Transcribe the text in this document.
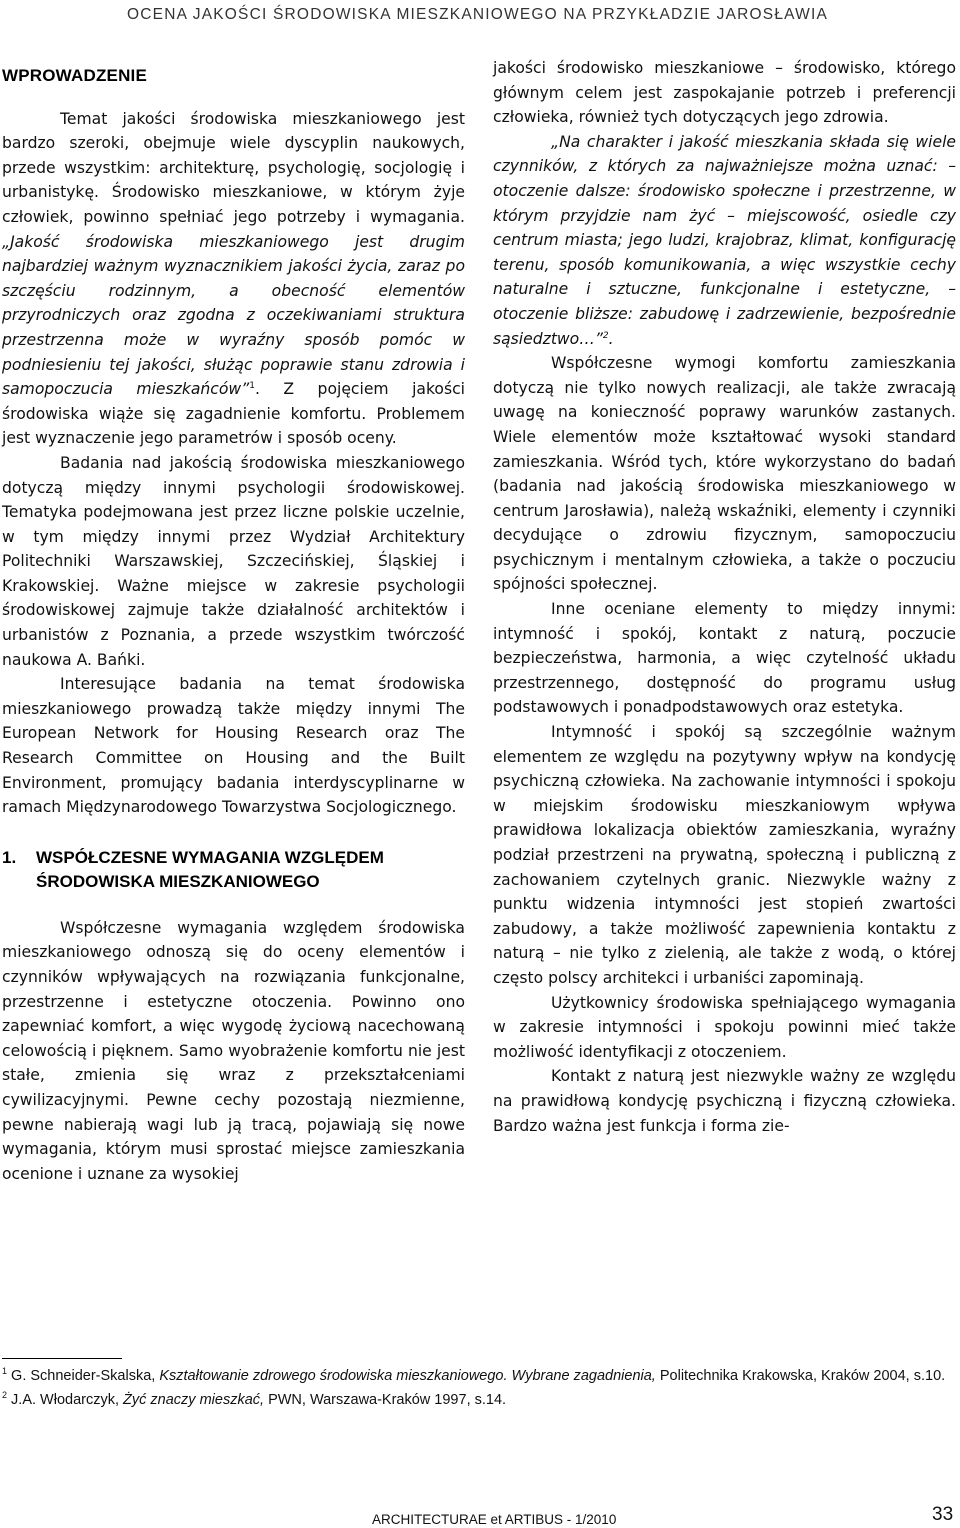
OCENA JAKOŚCI ŚRODOWISKA MIESZKANIOWEGO NA PRZYKŁADZIE JAROSŁAWIA
WPROWADZENIE

Temat jakości środowiska mieszkaniowego jest bardzo szeroki, obejmuje wiele dyscyplin naukowych, przede wszystkim: architekturę, psychologię, socjologię i urbanistykę. Środowisko mieszkaniowe, w którym żyje człowiek, powinno spełniać jego potrzeby i wymagania. „Jakość środowiska mieszkaniowego jest drugim najbardziej ważnym wyznacznikiem jakości życia, zaraz po szczęściu rodzinnym, a obecność elementów przyrodniczych oraz zgodna z oczekiwaniami struktura przestrzenna może w wyraźny sposób pomóc w podniesieniu tej jakości, służąc poprawie stanu zdrowia i samopoczucia mieszkańców”$^1$. Z pojęciem jakości środowiska wiąże się zagadnienie komfortu. Problemem jest wyznaczenie jego parametrów i sposób oceny.

Badania nad jakością środowiska mieszkaniowego dotyczą między innymi psychologii środowiskowej. Tematyka podejmowana jest przez liczne polskie uczelnie, w tym między innymi przez Wydział Architektury Politechniki Warszawskiej, Szczecińskiej, Śląskiej i Krakowskiej. Ważne miejsce w zakresie psychologii środowiskowej zajmuje także działalność architektów i urbanistów z Poznania, a przede wszystkim twórczość naukowa A. Bańki.

Interesujące badania na temat środowiska mieszkaniowego prowadzą także między innymi The European Network for Housing Research oraz The Research Committee on Housing and the Built Environment, promujący badania interdyscyplinarne w ramach Międzynarodowego Towarzystwa Socjologicznego.

1.	WSPÓŁCZESNE WYMAGANIA WZGLĘDEM ŚRODOWISKA MIESZKANIOWEGO

Współczesne wymagania względem środowiska mieszkaniowego odnoszą się do oceny elementów i czynników wpływających na rozwiązania funkcjonalne, przestrzenne i estetyczne otoczenia. Powinno ono zapewniać komfort, a więc wygodę życiową nacechowaną celowością i pięknem. Samo wyobrażenie komfortu nie jest stałe, zmienia się wraz z przekształceniami cywilizacyjnymi. Pewne cechy pozostają niezmienne, pewne nabierają wagi lub ją tracą, pojawiają się nowe wymagania, którym musi sprostać miejsce zamieszkania ocenione i uznane za wysokiej

jakości środowisko mieszkaniowe – środowisko, którego głównym celem jest zaspokajanie potrzeb i preferencji człowieka, również tych dotyczących jego zdrowia.

„Na charakter i jakość mieszkania składa się wiele czynników, z których za najważniejsze można uznać: – otoczenie dalsze: środowisko społeczne i przestrzenne, w którym przyjdzie nam żyć – miejscowość, osiedle czy centrum miasta; jego ludzi, krajobraz, klimat, konfigurację terenu, sposób komunikowania, a więc wszystkie cechy naturalne i sztuczne, funkcjonalne i estetyczne, – otoczenie bliższe: zabudowę i zadrzewienie, bezpośrednie sąsiedztwo…”$^2$.

Współczesne wymogi komfortu zamieszkania dotyczą nie tylko nowych realizacji, ale także zwracają uwagę na konieczność poprawy warunków zastanych. Wiele elementów może kształtować wysoki standard zamieszkania. Wśród tych, które wykorzystano do badań (badania nad jakością środowiska mieszkaniowego w centrum Jarosławia), należą wskaźniki, elementy i czynniki decydujące o zdrowiu fizycznym, samopoczuciu psychicznym i mentalnym człowieka, a także o poczuciu spójności społecznej.

Inne oceniane elementy to między innymi: intymność i spokój, kontakt z naturą, poczucie bezpieczeństwa, harmonia, a więc czytelność układu przestrzennego, dostępność do programu usług podstawowych i ponadpodstawowych oraz estetyka.

Intymność i spokój są szczególnie ważnym elementem ze względu na pozytywny wpływ na kondycję psychiczną człowieka. Na zachowanie intymności i spokoju w miejskim środowisku mieszkaniowym wpływa prawidłowa lokalizacja obiektów zamieszkania, wyraźny podział przestrzeni na prywatną, społeczną i publiczną z zachowaniem czytelnych granic. Niezwykle ważny z punktu widzenia intymności jest stopień zwartości zabudowy, a także możliwość zapewnienia kontaktu z naturą – nie tylko z zielenią, ale także z wodą, o której często polscy architekci i urbaniści zapominają.

Użytkownicy środowiska spełniającego wymagania w zakresie intymności i spokoju powinni mieć także możliwość identyfikacji z otoczeniem.

Kontakt z naturą jest niezwykle ważny ze względu na prawidłową kondycję psychiczną i fizyczną człowieka. Bardzo ważna jest funkcja i forma zie-

$^1$ G. Schneider-Skalska, Kształtowanie zdrowego środowiska mieszkaniowego. Wybrane zagadnienia, Politechnika Krakowska, Kraków 2004, s.10.

$^2$ J.A. Włodarczyk, Żyć znaczy mieszkać, PWN, Warszawa-Kraków 1997, s.14.

ARCHITECTURAE et ARTIBUS - 1/2010	33
